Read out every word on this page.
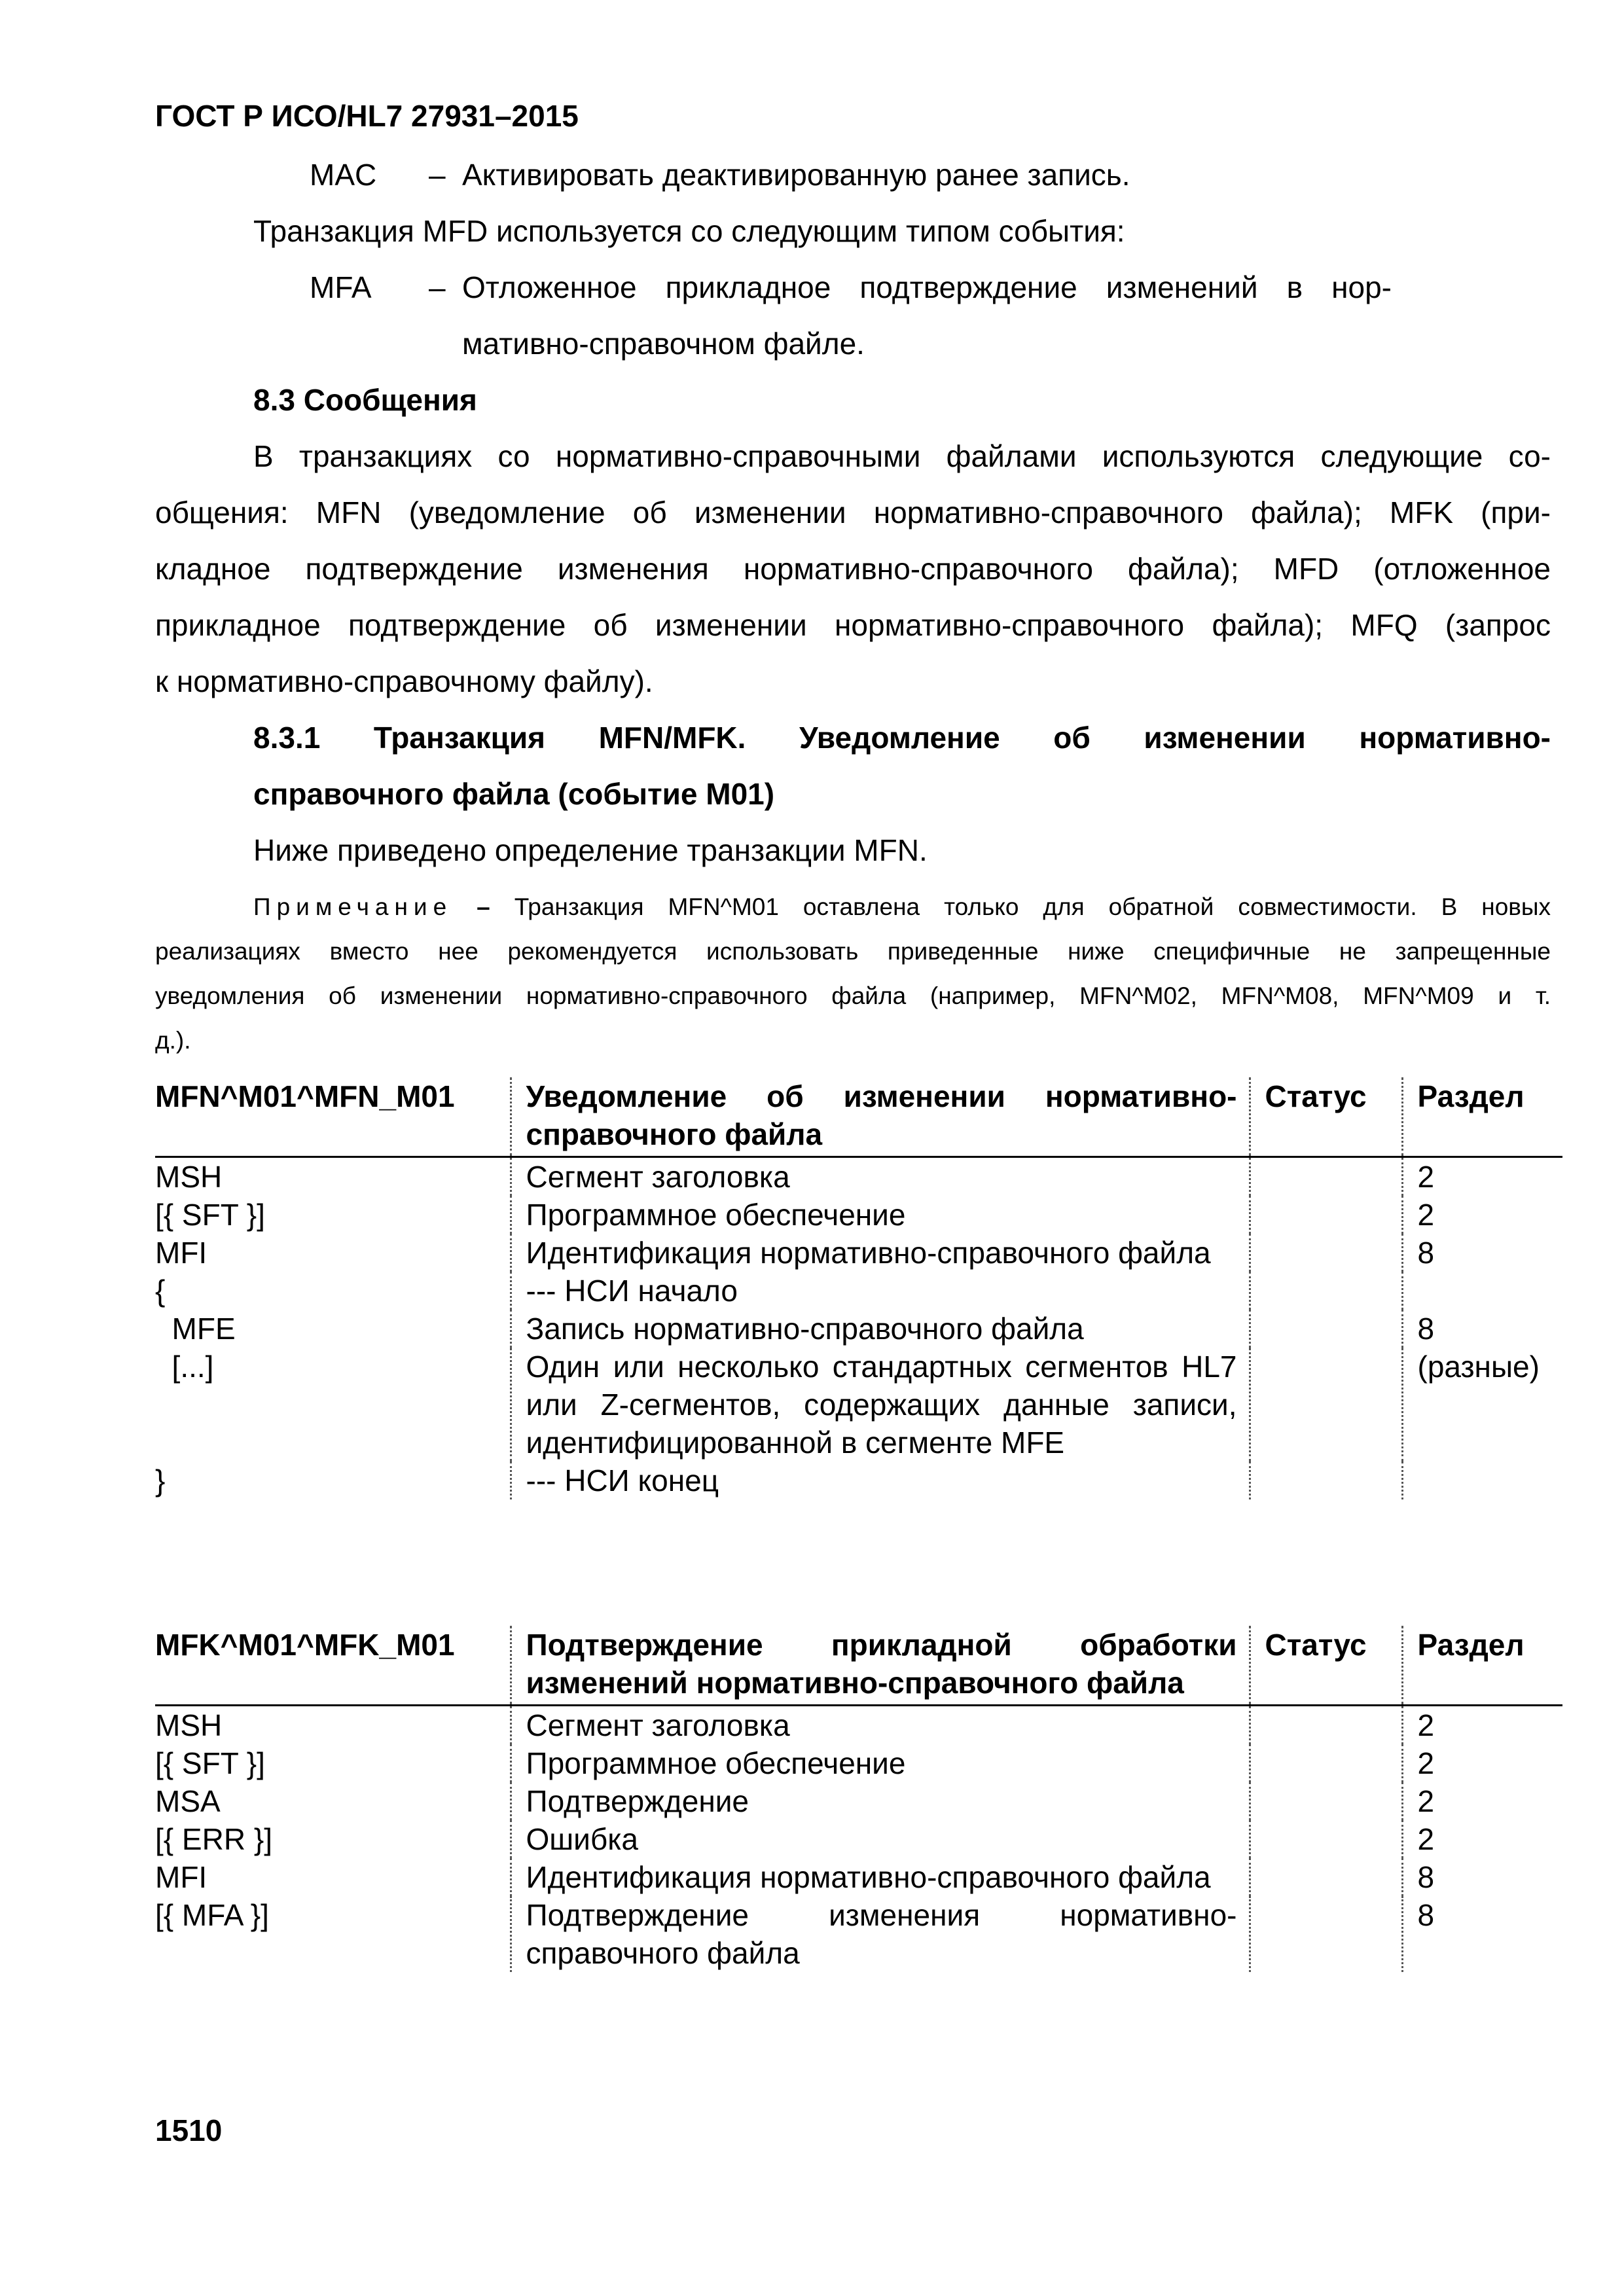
ГОСТ Р ИСО/HL7 27931–2015
MAC – Активировать деактивированную ранее запись.
Транзакция MFD используется со следующим типом события:
MFA – Отложенное прикладное подтверждение изменений в нор-
мативно-справочном файле.
8.3 Сообщения
В транзакциях со нормативно-справочными файлами используются следующие со-
общения: MFN (уведомление об изменении нормативно-справочного файла); MFK (при-
кладное подтверждение изменения нормативно-справочного файла); MFD (отложенное
прикладное подтверждение об изменении нормативно-справочного файла); MFQ (запрос
к нормативно-справочному файлу).
8.3.1 Транзакция MFN/MFK. Уведомление об изменении нормативно-
справочного файла (событие M01)
Ниже приведено определение транзакции MFN.
Примечание – Транзакция MFN^M01 оставлена только для обратной совместимости. В новых
реализациях вместо нее рекомендуется использовать приведенные ниже специфичные не запрещенные
уведомления об изменении нормативно-справочного файла (например, MFN^M02, MFN^M08, MFN^M09 и т.
д.).
MFN^M01^MFN_M01	Уведомление об изменении нормативно-справочного файла	Статус	Раздел
MSH	Сегмент заголовка		2
[{ SFT }]	Программное обеспечение		2
MFI	Идентификация нормативно-справочного файла		8
{	--- НСИ начало		
MFE	Запись нормативно-справочного файла		8
[...]	Один или несколько стандартных сегментов HL7 или Z-сегментов, содержащих данные записи, идентифицированной в сегменте MFE		(разные)
}	--- НСИ конец		
MFK^M01^MFK_M01	Подтверждение прикладной обработки изменений нормативно-справочного файла	Статус	Раздел
MSH	Сегмент заголовка		2
[{ SFT }]	Программное обеспечение		2
MSA	Подтверждение		2
[{ ERR }]	Ошибка		2
MFI	Идентификация нормативно-справочного файла		8
[{ MFA }]	Подтверждение изменения нормативно-справочного файла		8
1510
